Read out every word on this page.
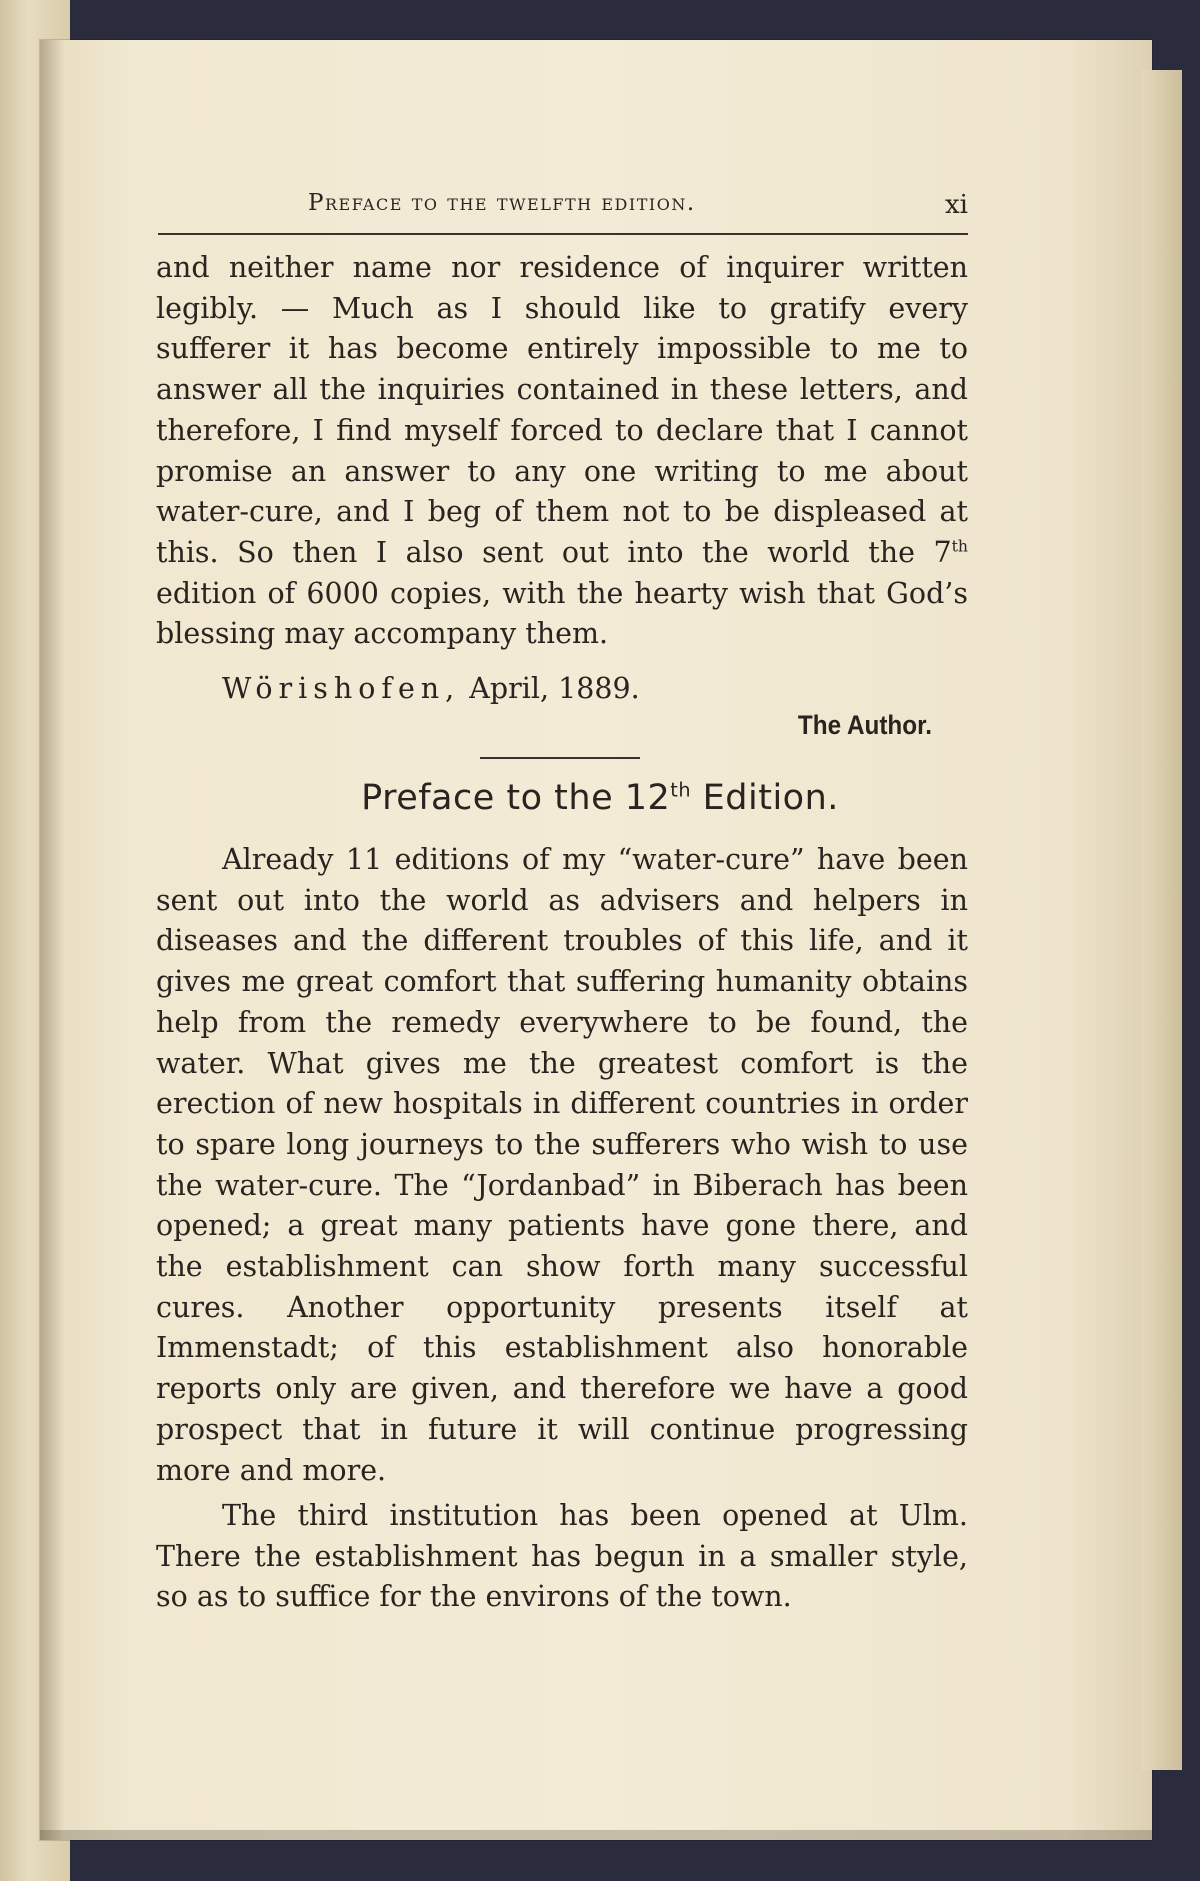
Preface to the twelfth edition.	xi

and neither name nor residence of inquirer written legibly. — Much as I should like to gratify every sufferer it has become entirely impossible to me to answer all the inquiries contained in these letters, and therefore, I find myself forced to declare that I cannot promise an answer to any one writing to me about water-cure, and I beg of them not to be displeased at this. So then I also sent out into the world the 7th edition of 6000 copies, with the hearty wish that God’s blessing may accompany them.

Wörishofen, April, 1889.
The Author.
Preface to the 12th Edition.

Already 11 editions of my “water-cure” have been sent out into the world as advisers and helpers in diseases and the different troubles of this life, and it gives me great comfort that suffering humanity obtains help from the remedy everywhere to be found, the water. What gives me the greatest comfort is the erection of new hospitals in different countries in order to spare long journeys to the sufferers who wish to use the water-cure. The “Jordanbad” in Biberach has been opened; a great many patients have gone there, and the establishment can show forth many successful cures. Another opportunity presents itself at Immenstadt; of this establishment also honorable reports only are given, and therefore we have a good prospect that in future it will continue progressing more and more.

The third institution has been opened at Ulm. There the establishment has begun in a smaller style, so as to suffice for the environs of the town.
